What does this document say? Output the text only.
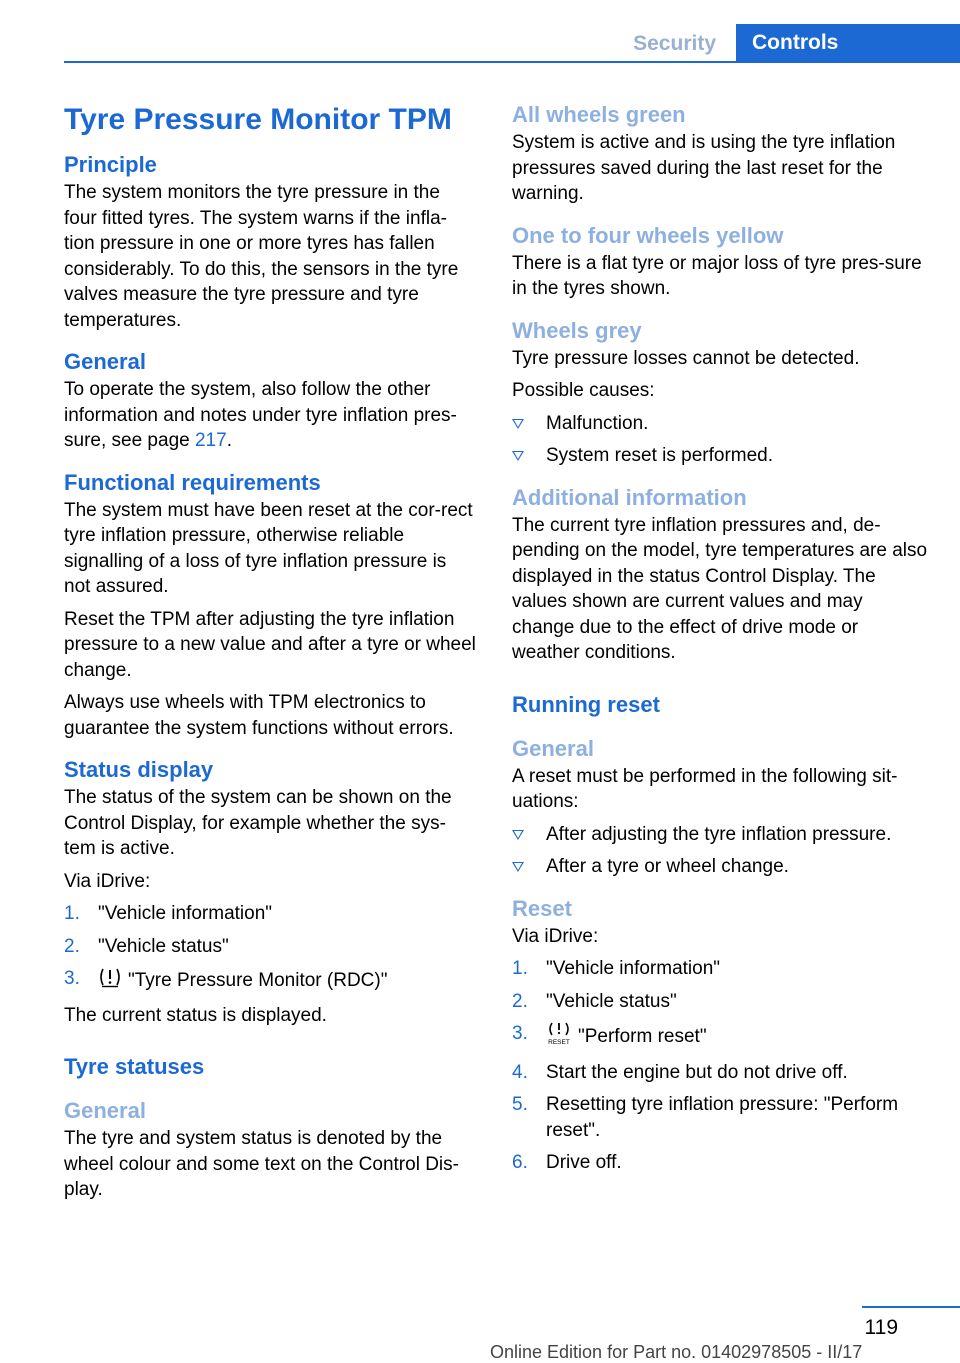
Security	Controls
Tyre Pressure Monitor TPM
Principle

The system monitors the tyre pressure in the four fitted tyres. The system warns if the infla-tion pressure in one or more tyres has fallen considerably. To do this, the sensors in the tyre valves measure the tyre pressure and tyre temperatures.

General

To operate the system, also follow the other information and notes under tyre inflation pres-sure, see page 217.

Functional requirements

The system must have been reset at the cor-rect tyre inflation pressure, otherwise reliable signalling of a loss of tyre inflation pressure is not assured.

Reset the TPM after adjusting the tyre inflation pressure to a new value and after a tyre or wheel change.

Always use wheels with TPM electronics to guarantee the system functions without errors.

Status display

The status of the system can be shown on the Control Display, for example whether the sys-tem is active.

Via iDrive:

1. "Vehicle information"
2. "Vehicle status"
3.	"Tyre Pressure Monitor (RDC)"

The current status is displayed.

Tyre statuses
General

The tyre and system status is denoted by the wheel colour and some text on the Control Dis-play.

All wheels green

System is active and is using the tyre inflation pressures saved during the last reset for the warning.

One to four wheels yellow

There is a flat tyre or major loss of tyre pres-sure in the tyres shown.

Wheels grey

Tyre pressure losses cannot be detected.

Possible causes:

Malfunction.
System reset is performed.
Additional information

The current tyre inflation pressures and, de-pending on the model, tyre temperatures are also displayed in the status Control Display. The values shown are current values and may change due to the effect of drive mode or weather conditions.

Running reset
General

A reset must be performed in the following sit-uations:

After adjusting the tyre inflation pressure.
After a tyre or wheel change.
Reset

Via iDrive:

1. "Vehicle information"
2. "Vehicle status"
3.	RESET "Perform reset"
4. Start the engine but do not drive off.
5. Resetting tyre inflation pressure: "Perform reset".
6. Drive off.
119
Online Edition for Part no. 01402978505 - II/17
